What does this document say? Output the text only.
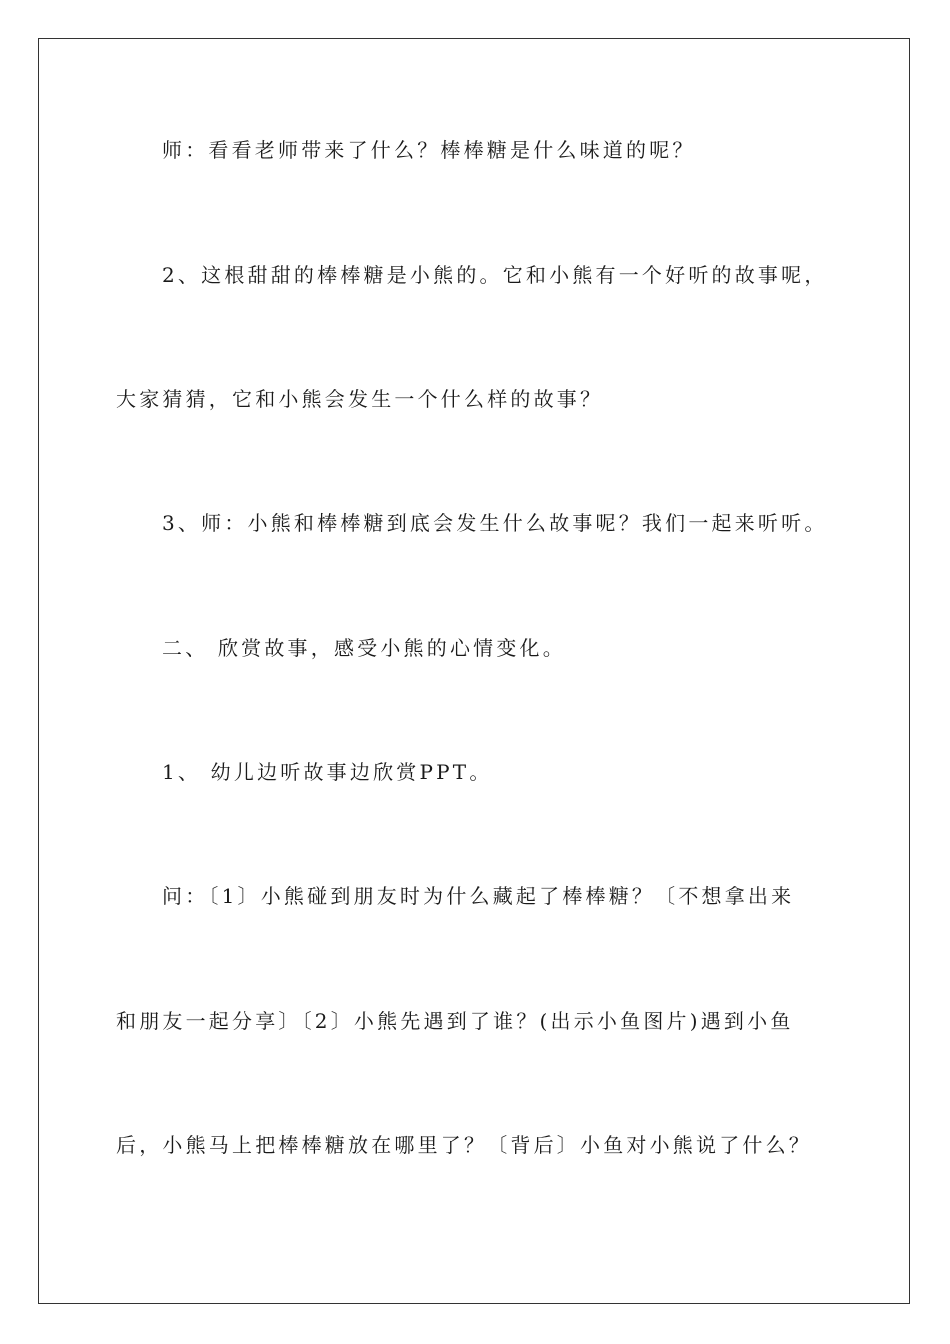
师：看看老师带来了什么？棒棒糖是什么味道的呢？
2、这根甜甜的棒棒糖是小熊的。它和小熊有一个好听的故事呢，
大家猜猜，它和小熊会发生一个什么样的故事？
3、师：小熊和棒棒糖到底会发生什么故事呢？我们一起来听听。
二、 欣赏故事，感受小熊的心情变化。
1、 幼儿边听故事边欣赏PPT。
问：〔1〕小熊碰到朋友时为什么藏起了棒棒糖？〔不想拿出来
和朋友一起分享〕〔2〕小熊先遇到了谁？(出示小鱼图片)遇到小鱼
后，小熊马上把棒棒糖放在哪里了？〔背后〕小鱼对小熊说了什么？
